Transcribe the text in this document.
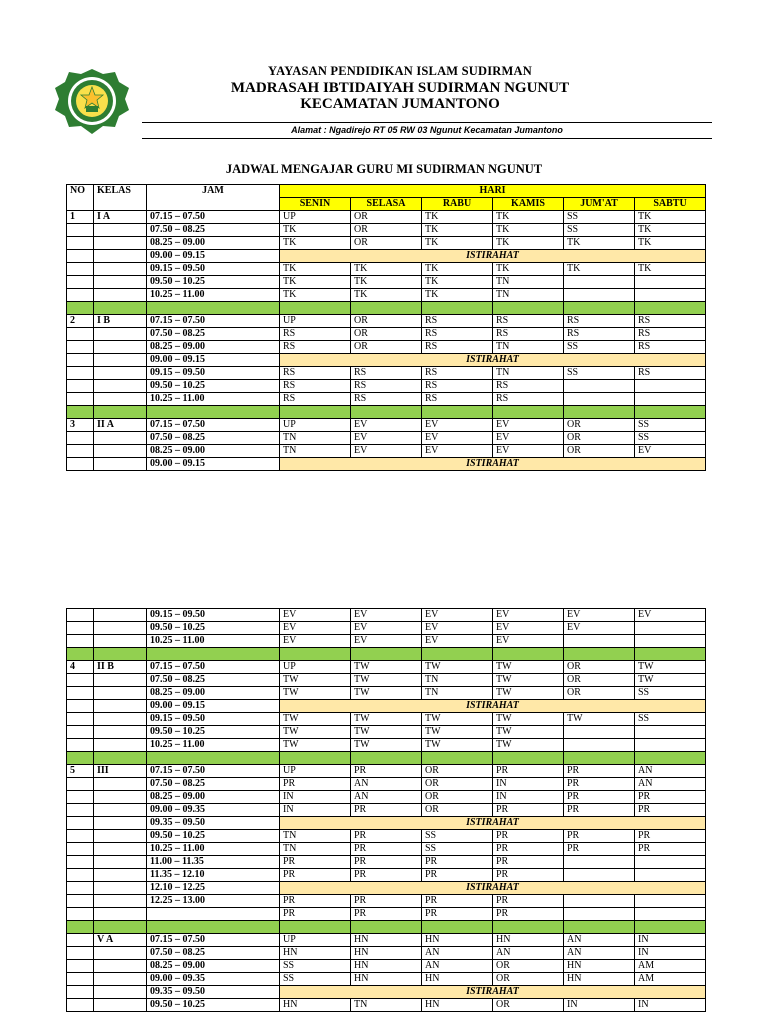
YAYASAN PENDIDIKAN ISLAM SUDIRMAN
MADRASAH IBTIDAIYAH SUDIRMAN NGUNUT
KECAMATAN JUMANTONO
Alamat : Ngadirejo RT 05 RW 03 Ngunut Kecamatan Jumantono
JADWAL MENGAJAR GURU MI SUDIRMAN NGUNUT
NO	KELAS	JAM	HARI					
			SENIN	SELASA	RABU	KAMIS	JUM'AT	SABTU
1	I A	07.15 – 07.50	UP	OR	TK	TK	SS	TK
		07.50 – 08.25	TK	OR	TK	TK	SS	TK
		08.25 – 09.00	TK	OR	TK	TK	TK	TK
		09.00 – 09.15	ISTIRAHAT					
		09.15 – 09.50	TK	TK	TK	TK	TK	TK
		09.50 – 10.25	TK	TK	TK	TN		
		10.25 – 11.00	TK	TK	TK	TN		

2	I B	07.15 – 07.50	UP	OR	RS	RS	RS	RS
		07.50 – 08.25	RS	OR	RS	RS	RS	RS
		08.25 – 09.00	RS	OR	RS	TN	SS	RS
		09.00 – 09.15	ISTIRAHAT					
		09.15 – 09.50	RS	RS	RS	TN	SS	RS
		09.50 – 10.25	RS	RS	RS	RS		
		10.25 – 11.00	RS	RS	RS	RS		

3	II A	07.15 – 07.50	UP	EV	EV	EV	OR	SS
		07.50 – 08.25	TN	EV	EV	EV	OR	SS
		08.25 – 09.00	TN	EV	EV	EV	OR	EV
		09.00 – 09.15	ISTIRAHAT					
		09.15 – 09.50	EV	EV	EV	EV	EV	EV
		09.50 – 10.25	EV	EV	EV	EV	EV	
		10.25 – 11.00	EV	EV	EV	EV		

4	II B	07.15 – 07.50	UP	TW	TW	TW	OR	TW
		07.50 – 08.25	TW	TW	TN	TW	OR	TW
		08.25 – 09.00	TW	TW	TN	TW	OR	SS
		09.00 – 09.15	ISTIRAHAT					
		09.15 – 09.50	TW	TW	TW	TW	TW	SS
		09.50 – 10.25	TW	TW	TW	TW		
		10.25 – 11.00	TW	TW	TW	TW		

5	III	07.15 – 07.50	UP	PR	OR	PR	PR	AN
		07.50 – 08.25	PR	AN	OR	IN	PR	AN
		08.25 – 09.00	IN	AN	OR	IN	PR	PR
		09.00 – 09.35	IN	PR	OR	PR	PR	PR
		09.35 – 09.50	ISTIRAHAT					
		09.50 – 10.25	TN	PR	SS	PR	PR	PR
		10.25 – 11.00	TN	PR	SS	PR	PR	PR
		11.00 – 11.35	PR	PR	PR	PR		
		11.35 – 12.10	PR	PR	PR	PR		
		12.10 – 12.25	ISTIRAHAT					
		12.25 – 13.00	PR	PR	PR	PR		
			PR	PR	PR	PR		

	V A	07.15 – 07.50	UP	HN	HN	HN	AN	IN
		07.50 – 08.25	HN	HN	AN	AN	AN	IN
		08.25 – 09.00	SS	HN	AN	OR	HN	AM
		09.00 – 09.35	SS	HN	HN	OR	HN	AM
		09.35 – 09.50	ISTIRAHAT					
		09.50 – 10.25	HN	TN	HN	OR	IN	IN
